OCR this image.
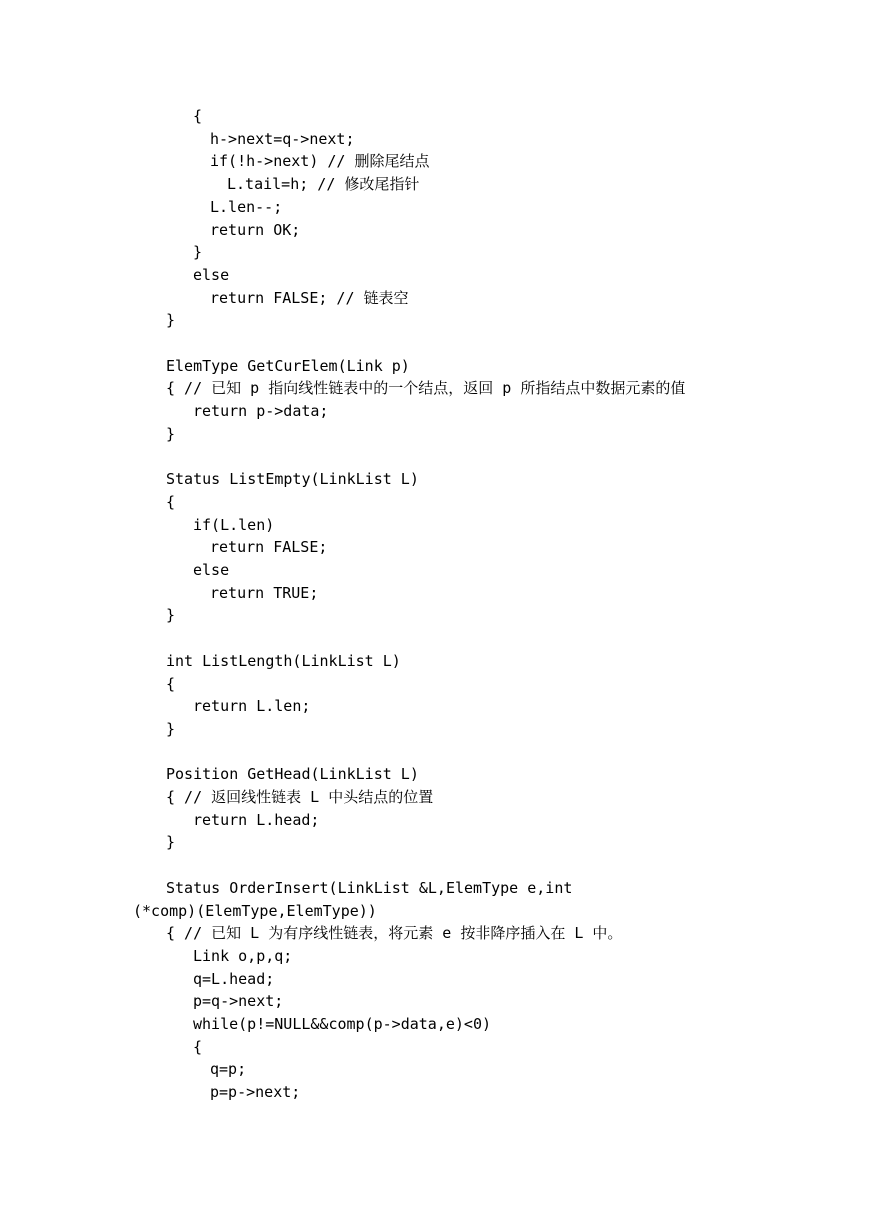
{
h->next=q->next;
if(!h->next) // 删除尾结点
L.tail=h; // 修改尾指针
L.len--;
return OK;
}
else
return FALSE; // 链表空
}
ElemType GetCurElem(Link p)
{ // 已知 p 指向线性链表中的一个结点，返回 p 所指结点中数据元素的值
return p->data;
}
Status ListEmpty(LinkList L)
{
if(L.len)
return FALSE;
else
return TRUE;
}
int ListLength(LinkList L)
{
return L.len;
}
Position GetHead(LinkList L)
{ // 返回线性链表 L 中头结点的位置
return L.head;
}
Status OrderInsert(LinkList &L,ElemType e,int
(*comp)(ElemType,ElemType))
{ // 已知 L 为有序线性链表，将元素 e 按非降序插入在 L 中。
Link o,p,q;
q=L.head;
p=q->next;
while(p!=NULL&&comp(p->data,e)<0)
{
q=p;
p=p->next;
